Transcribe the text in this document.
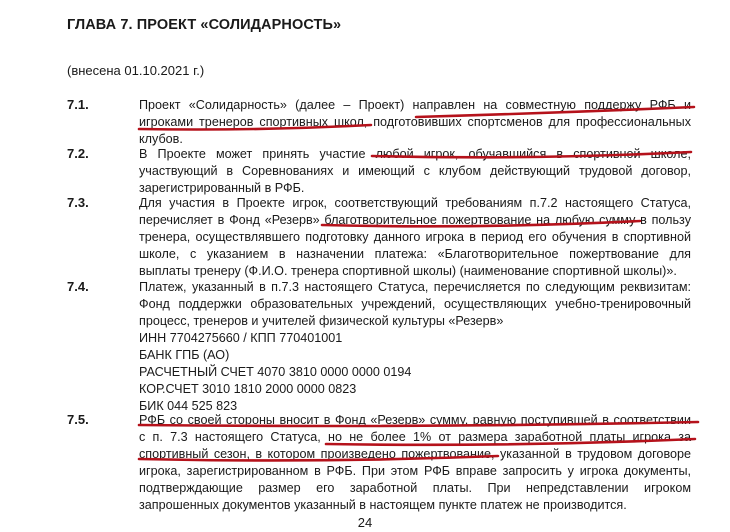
ГЛАВА 7. ПРОЕКТ «СОЛИДАРНОСТЬ»
(внесена 01.10.2021 г.)
7.1.	Проект «Солидарность» (далее – Проект) направлен на совместную поддержу РФБ и
игроками тренеров спортивных школ, подготовивших спортсменов для профессиональных
клубов.
7.2.	В Проекте может принять участие любой игрок, обучавшийся в спортивной школе,
участвующий в Соревнованиях и имеющий с клубом действующий трудовой договор,
зарегистрированный в РФБ.
7.3.	Для участия в Проекте игрок, соответствующий требованиям п.7.2 настоящего Статуса,
перечисляет в Фонд «Резерв» благотворительное пожертвование на любую сумму в пользу
тренера, осуществлявшего подготовку данного игрока в период его обучения в спортивной
школе, с указанием в назначении платежа: «Благотворительное пожертвование для
выплаты тренеру (Ф.И.О. тренера спортивной школы) (наименование спортивной школы)».
7.4.	Платеж, указанный в п.7.3 настоящего Статуса, перечисляется по следующим реквизитам:
Фонд поддержки образовательных учреждений, осуществляющих учебно-тренировочный
процесс, тренеров и учителей физической культуры «Резерв»
ИНН 7704275660 / КПП 770401001
БАНК ГПБ (АО)
РАСЧЕТНЫЙ СЧЕТ 4070 3810 0000 0000 0194
КОР.СЧЕТ 3010 1810 2000 0000 0823
БИК 044 525 823
7.5.	РФБ со своей стороны вносит в Фонд «Резерв» сумму, равную поступившей в соответствии
с п. 7.3 настоящего Статуса, но не более 1% от размера заработной платы игрока за
спортивный сезон, в котором произведено пожертвование, указанной в трудовом договоре
игрока, зарегистрированном в РФБ. При этом РФБ вправе запросить у игрока документы,
подтверждающие размер его заработной платы. При непредставлении игроком
запрошенных документов указанный в настоящем пункте платеж не производится.
24
